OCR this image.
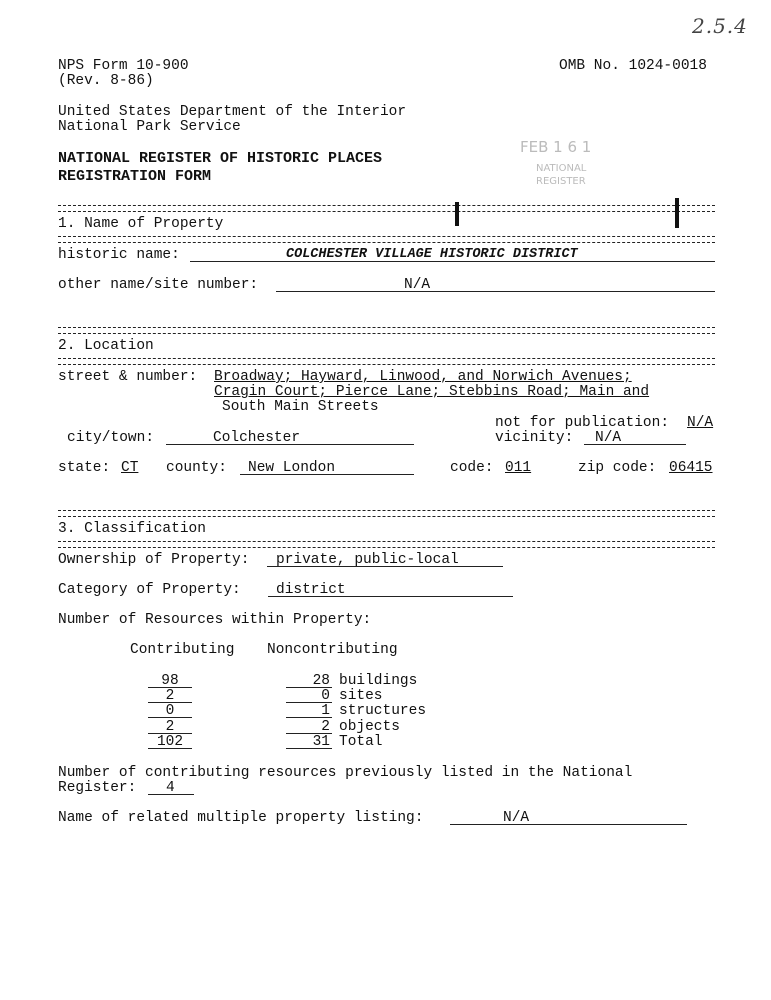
2.5.4
NPS Form 10-900
(Rev. 8-86)
OMB No. 1024-0018
United States Department of the Interior
National Park Service
NATIONAL REGISTER OF HISTORIC PLACES
REGISTRATION FORM
FEB 1 6 1
NATIONAL
REGISTER
1. Name of Property
historic name:	COLCHESTER VILLAGE HISTORIC DISTRICT
other name/site number:	N/A
2. Location
street & number: Broadway; Hayward, Linwood, and Norwich Avenues;
Cragin Court; Pierce Lane; Stebbins Road; Main and
South Main Streets
not for publication: N/A
city/town:	Colchester	vicinity: N/A
state: CT county: New London	code: 011	zip code: 06415
3. Classification
Ownership of Property: private, public-local
Category of Property: district
Number of Resources within Property:
Contributing Noncontributing
98	28 buildings
2	0 sites
0	1 structures
2	2 objects
102	31 Total
Number of contributing resources previously listed in the National
Register: 4
Name of related multiple property listing:	N/A
